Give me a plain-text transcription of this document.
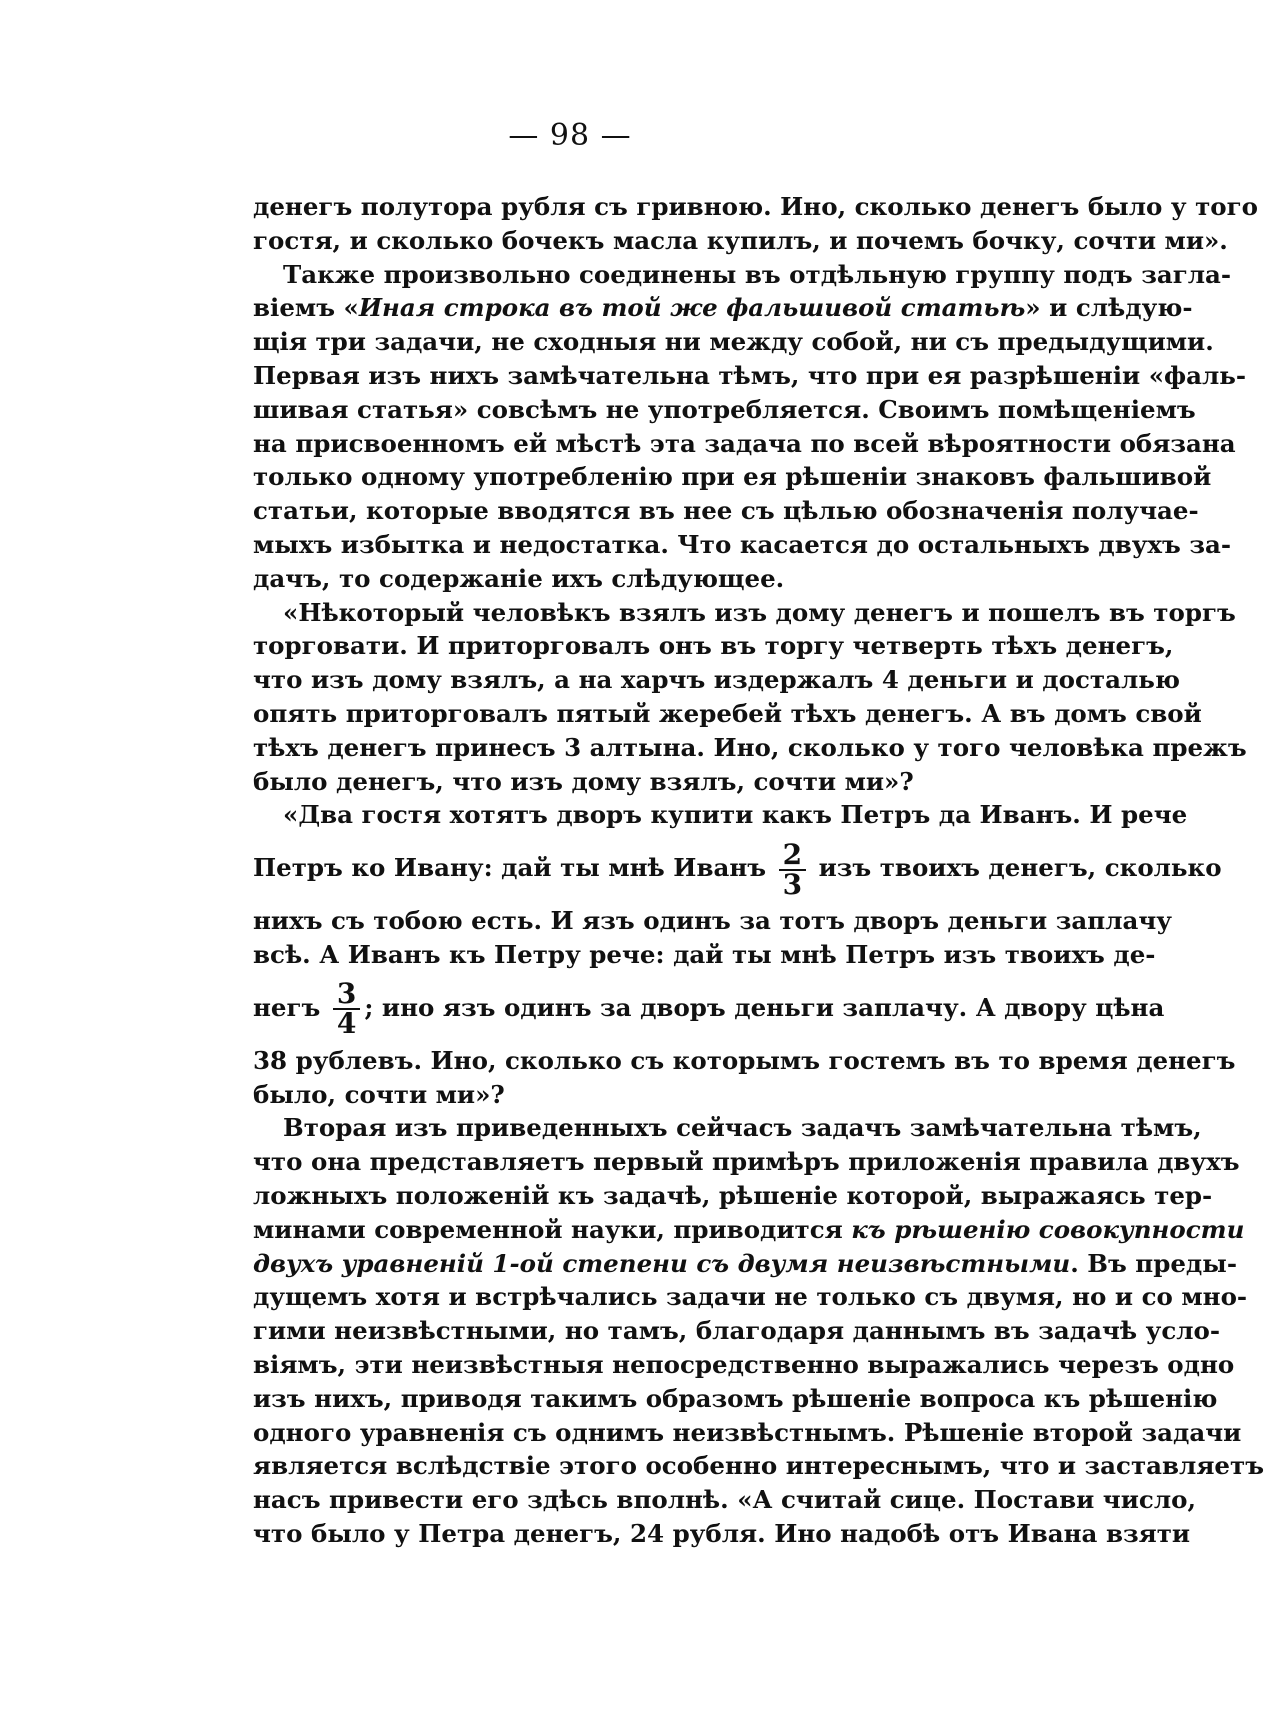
— 98 —
денегъ полутора рубля съ гривною. Ино, сколько денегъ было у того
гостя, и сколько бочекъ масла купилъ, и почемъ бочку, сочти ми».
Также произвольно соединены въ отдѣльную группу подъ загла-
віемъ «Иная строка въ той же фальшивой статьѣ» и слѣдую-
щія три задачи, не сходныя ни между собой, ни съ предыдущими.
Первая изъ нихъ замѣчательна тѣмъ, что при ея разрѣшеніи «фаль-
шивая статья» совсѣмъ не употребляется. Своимъ помѣщеніемъ
на присвоенномъ ей мѣстѣ эта задача по всей вѣроятности обязана
только одному употребленію при ея рѣшеніи знаковъ фальшивой
статьи, которые вводятся въ нее съ цѣлью обозначенія получае-
мыхъ избытка и недостатка. Что касается до остальныхъ двухъ за-
дачъ, то содержаніе ихъ слѣдующее.
«Нѣкоторый человѣкъ взялъ изъ дому денегъ и пошелъ въ торгъ
торговати. И приторговалъ онъ въ торгу четверть тѣхъ денегъ,
что изъ дому взялъ, а на харчъ издержалъ 4 деньги и досталью
опять приторговалъ пятый жеребей тѣхъ денегъ. А въ домъ свой
тѣхъ денегъ принесъ 3 алтына. Ино, сколько у того человѣка прежъ
было денегъ, что изъ дому взялъ, сочти ми»?
«Два гостя хотятъ дворъ купити какъ Петръ да Иванъ. И рече
Петръ ко Ивану: дай ты мнѣ Иванъ $\frac{2}{3}$ изъ твоихъ денегъ, сколько
нихъ съ тобою есть. И язъ одинъ за тотъ дворъ деньги заплачу
всѣ. А Иванъ къ Петру рече: дай ты мнѣ Петръ изъ твоихъ де-
негъ $\frac{3}{4}$ ; ино язъ одинъ за дворъ деньги заплачу. А двору цѣна
38 рублевъ. Ино, сколько съ которымъ гостемъ въ то время денегъ
было, сочти ми»?
Вторая изъ приведенныхъ сейчасъ задачъ замѣчательна тѣмъ,
что она представляетъ первый примѣръ приложенія правила двухъ
ложныхъ положеній къ задачѣ, рѣшеніе которой, выражаясь тер-
минами современной науки, приводится къ рѣшенію совокупности
двухъ уравненій 1-ой степени съ двумя неизвѣстными. Въ преды-
дущемъ хотя и встрѣчались задачи не только съ двумя, но и со мно-
гими неизвѣстными, но тамъ, благодаря даннымъ въ задачѣ усло-
віямъ, эти неизвѣстныя непосредственно выражались черезъ одно
изъ нихъ, приводя такимъ образомъ рѣшеніе вопроса къ рѣшенію
одного уравненія съ однимъ неизвѣстнымъ. Рѣшеніе второй задачи
является вслѣдствіе этого особенно интереснымъ, что и заставляетъ
насъ привести его здѣсь вполнѣ. «А считай сице. Постави число,
что было у Петра денегъ, 24 рубля. Ино надобѣ отъ Ивана взяти
